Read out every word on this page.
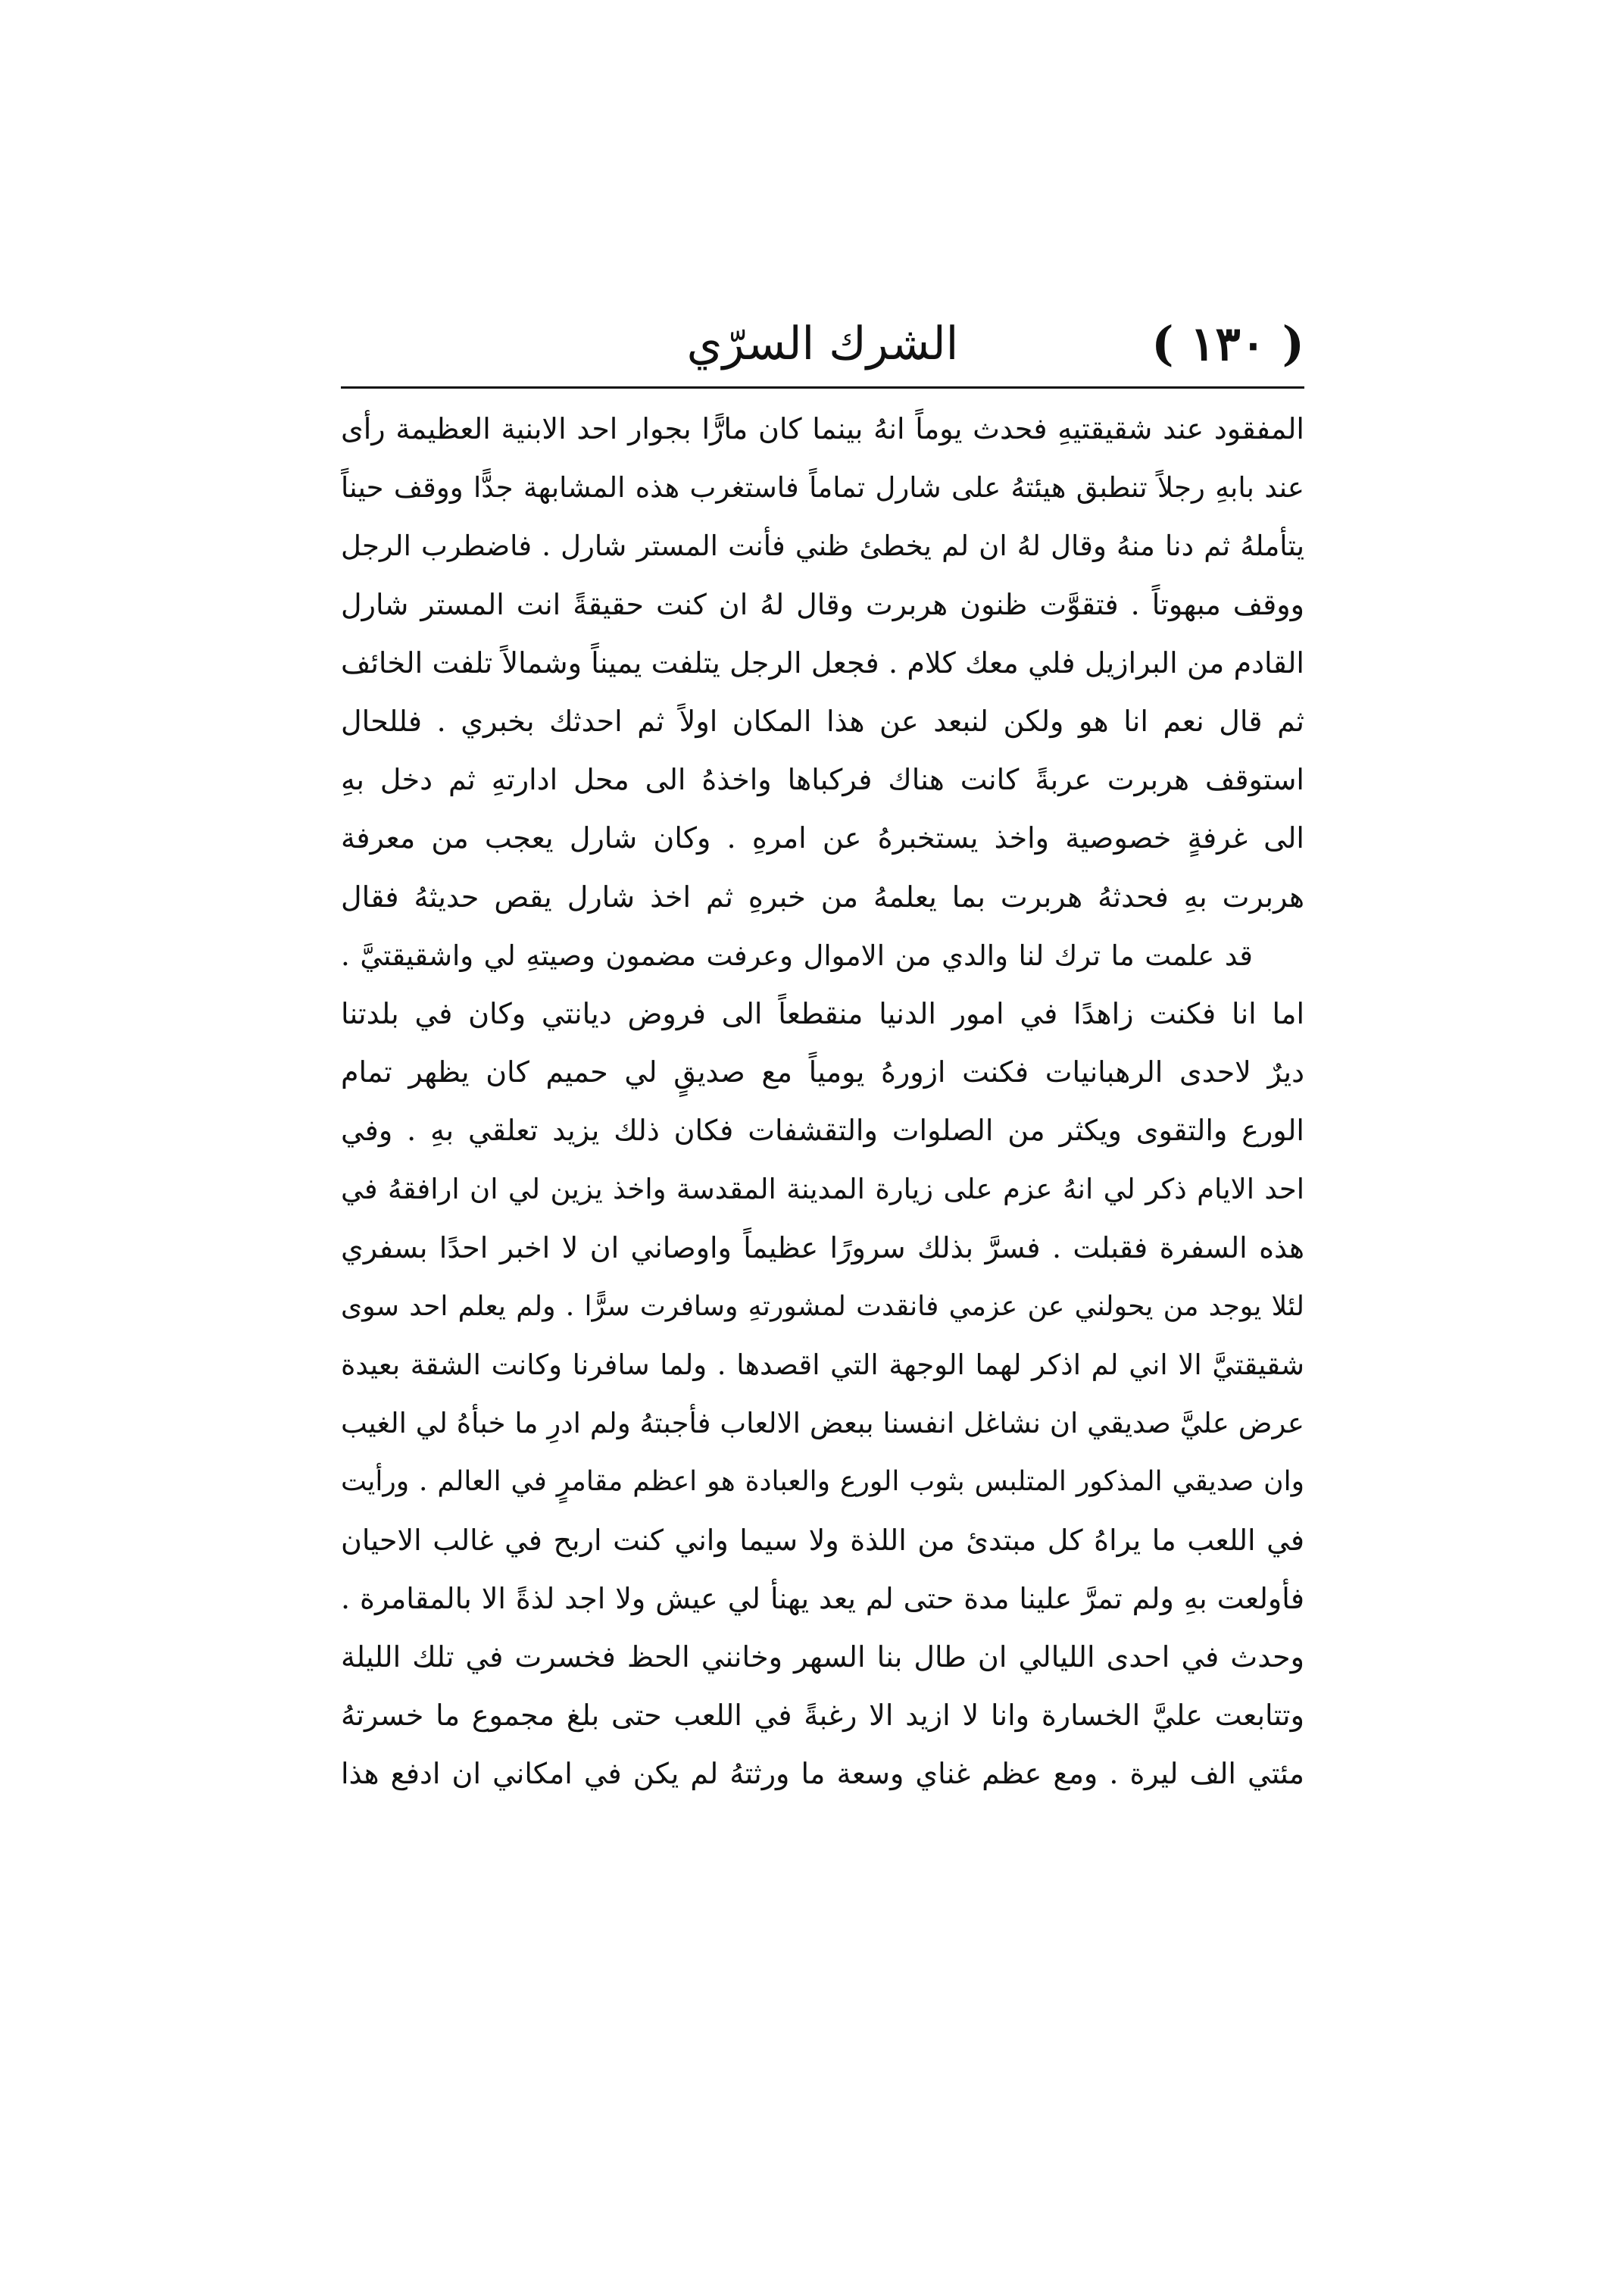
( ١٣٠ )
الشرك السرّي
المفقود عند شقيقتيهِ فحدث يوماً انهُ بينما كان مارًّا بجوار احد الابنية العظيمة رأى
عند بابهِ رجلاً تنطبق هيئتهُ على شارل تماماً فاستغرب هذه المشابهة جدًّا ووقف حيناً
يتأملهُ ثم دنا منهُ وقال لهُ ان لم يخطئ ظني فأنت المستر شارل . فاضطرب الرجل
ووقف مبهوتاً . فتقوَّت ظنون هربرت وقال لهُ ان كنت حقيقةً انت المستر شارل
القادم من البرازيل فلي معك كلام . فجعل الرجل يتلفت يميناً وشمالاً تلفت الخائف
ثم قال نعم انا هو ولكن لنبعد عن هذا المكان اولاً ثم احدثك بخبري . فللحال
استوقف هربرت عربةً كانت هناك فركباها واخذهُ الى محل ادارتهِ ثم دخل بهِ
الى غرفةٍ خصوصية واخذ يستخبرهُ عن امرهِ . وكان شارل يعجب من معرفة
هربرت بهِ فحدثهُ هربرت بما يعلمهُ من خبرهِ ثم اخذ شارل يقص حديثهُ فقال
قد علمت ما ترك لنا والدي من الاموال وعرفت مضمون وصيتهِ لي واشقيقتيَّ .
اما انا فكنت زاهدًا في امور الدنيا منقطعاً الى فروض ديانتي وكان في بلدتنا
ديرٌ لاحدى الرهبانيات فكنت ازورهُ يومياً مع صديقٍ لي حميم كان يظهر تمام
الورع والتقوى ويكثر من الصلوات والتقشفات فكان ذلك يزيد تعلقي بهِ . وفي
احد الايام ذكر لي انهُ عزم على زيارة المدينة المقدسة واخذ يزين لي ان ارافقهُ في
هذه السفرة فقبلت . فسرَّ بذلك سرورًا عظيماً واوصاني ان لا اخبر احدًا بسفري
لئلا يوجد من يحولني عن عزمي فانقدت لمشورتهِ وسافرت سرًّا . ولم يعلم احد سوى
شقيقتيَّ الا اني لم اذكر لهما الوجهة التي اقصدها . ولما سافرنا وكانت الشقة بعيدة
عرض عليَّ صديقي ان نشاغل انفسنا ببعض الالعاب فأجبتهُ ولم ادرِ ما خبأهُ لي الغيب
وان صديقي المذكور المتلبس بثوب الورع والعبادة هو اعظم مقامرٍ في العالم . ورأيت
في اللعب ما يراهُ كل مبتدئ من اللذة ولا سيما واني كنت اربح في غالب الاحيان
فأولعت بهِ ولم تمرَّ علينا مدة حتى لم يعد يهنأ لي عيش ولا اجد لذةً الا بالمقامرة .
وحدث في احدى الليالي ان طال بنا السهر وخانني الحظ فخسرت في تلك الليلة
وتتابعت عليَّ الخسارة وانا لا ازيد الا رغبةً في اللعب حتى بلغ مجموع ما خسرتهُ
مئتي الف ليرة . ومع عظم غناي وسعة ما ورثتهُ لم يكن في امكاني ان ادفع هذا
